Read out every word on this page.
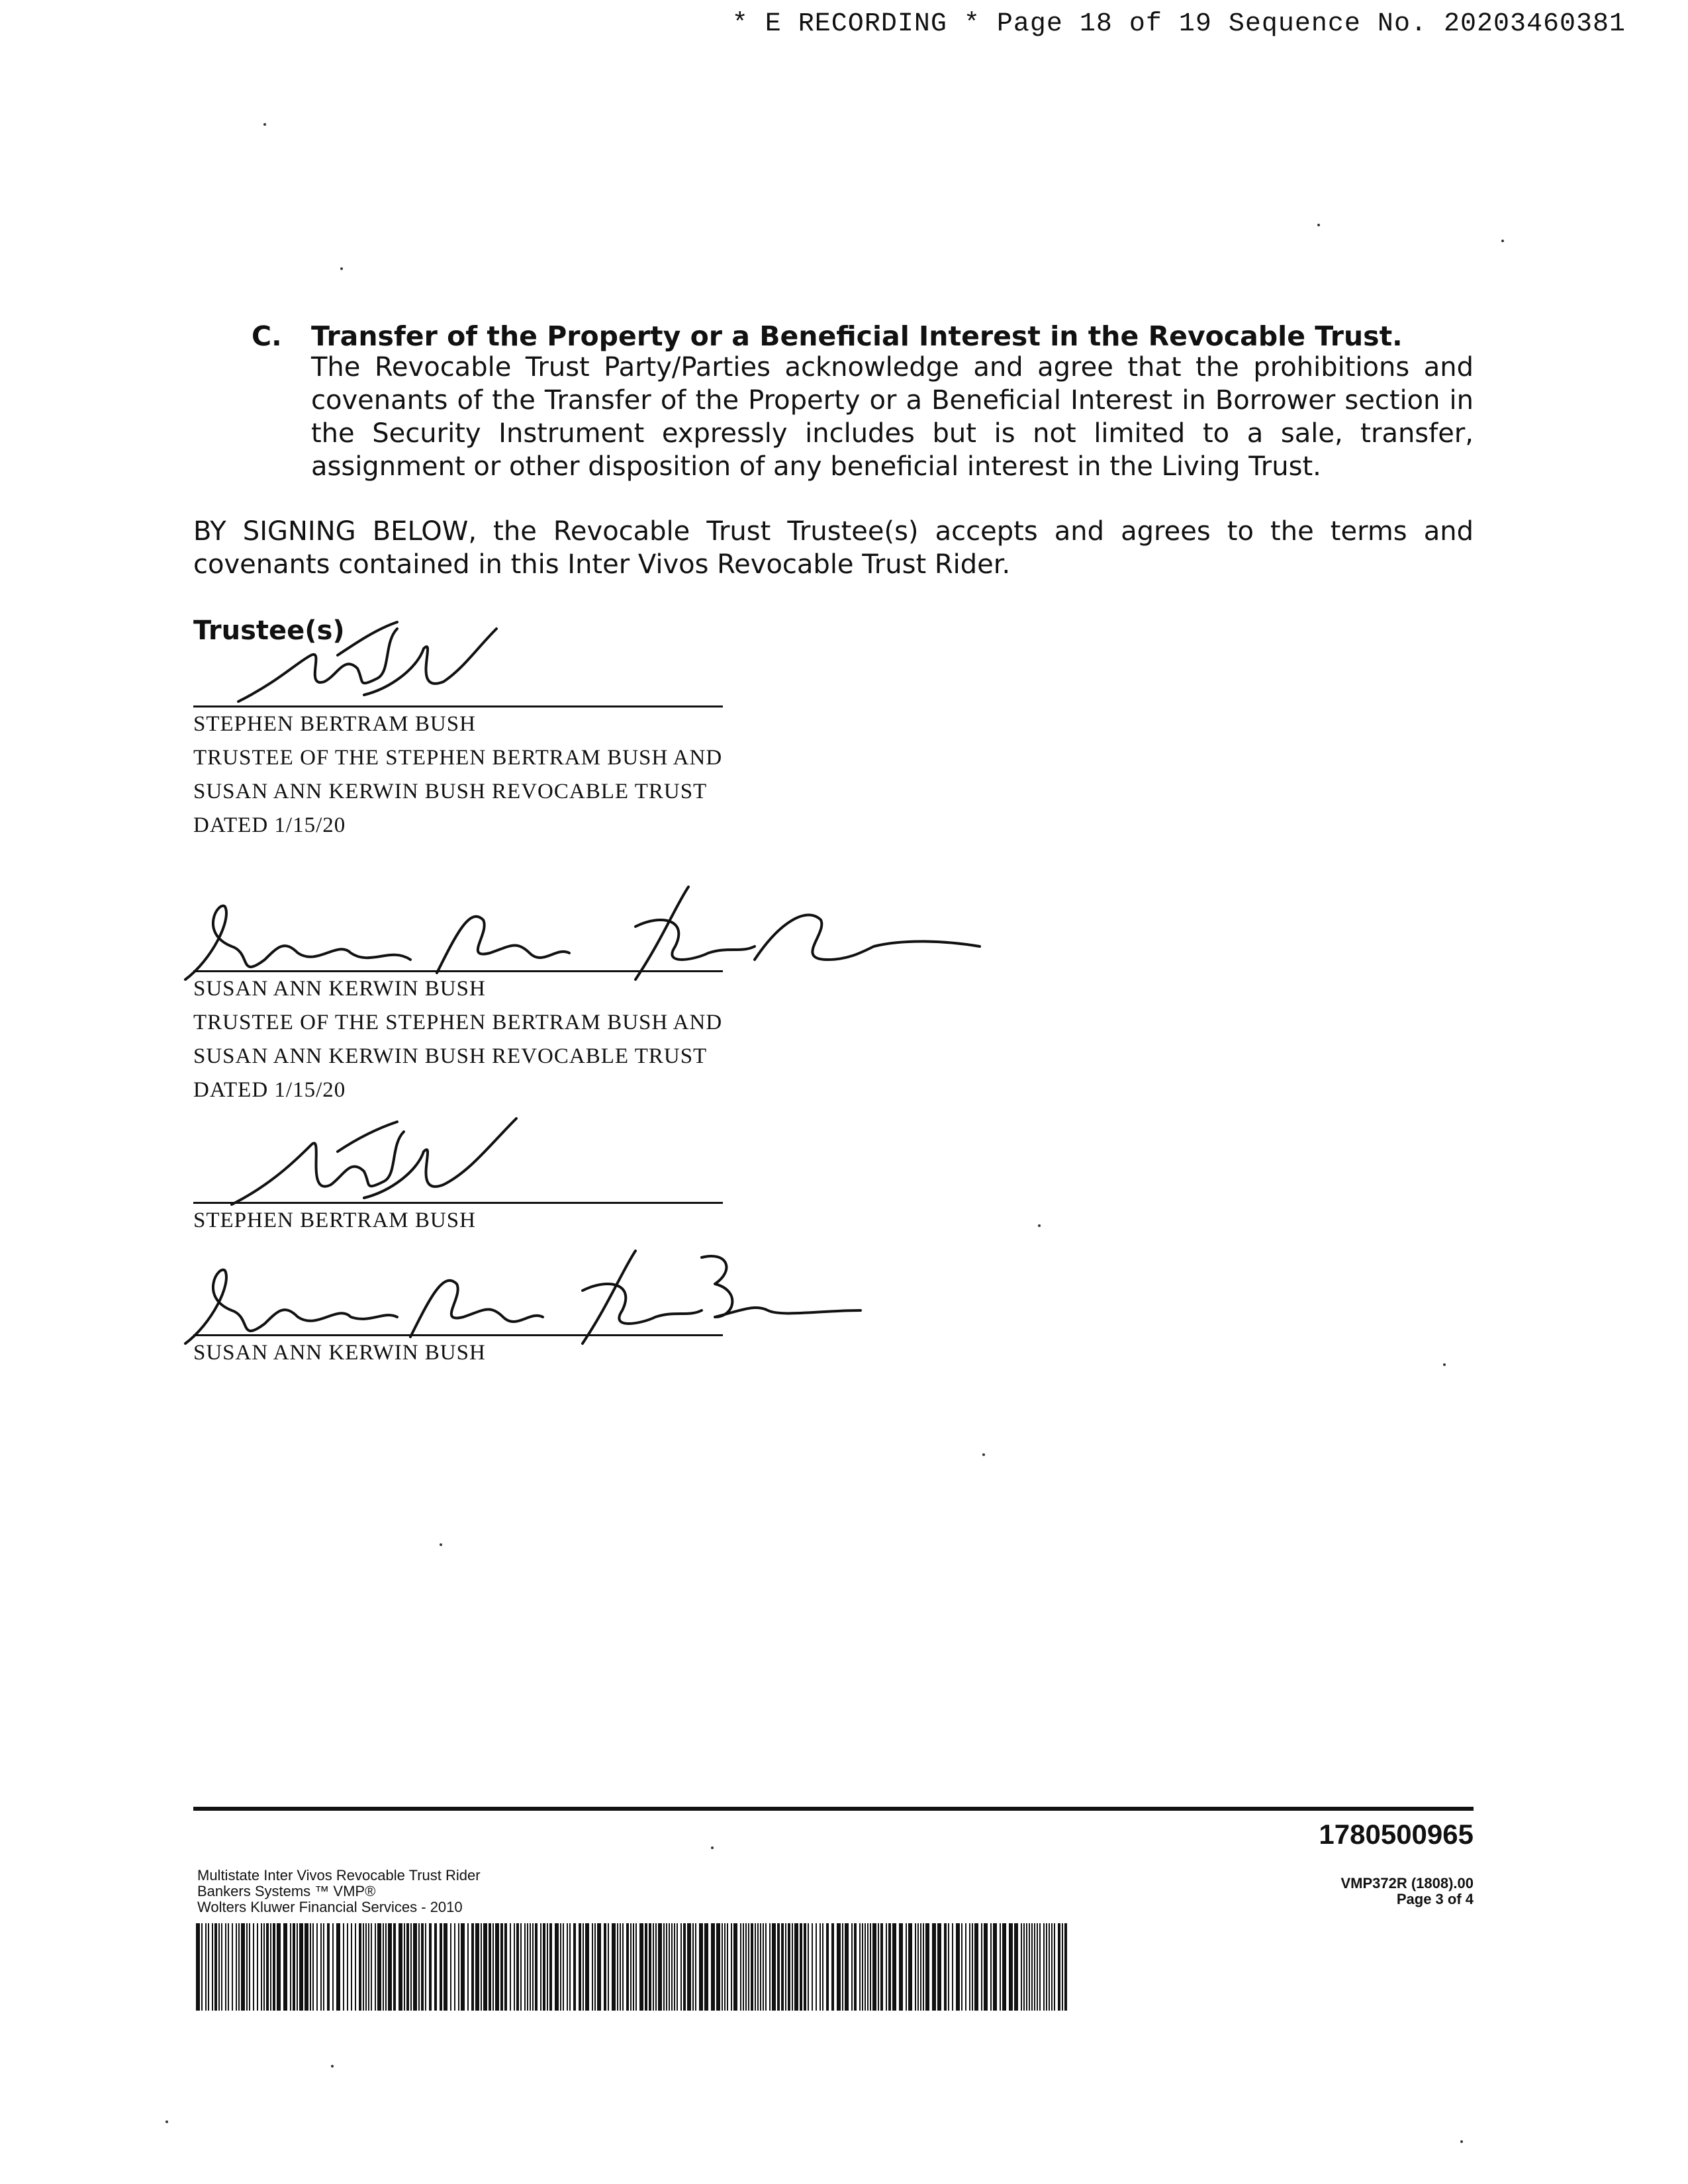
* E RECORDING * Page 18 of 19 Sequence No. 20203460381
C. Transfer of the Property or a Beneficial Interest in the Revocable Trust.
The Revocable Trust Party/Parties acknowledge and agree that the prohibitions and covenants of the Transfer of the Property or a Beneficial Interest in Borrower section in the Security Instrument expressly includes but is not limited to a sale, transfer, assignment or other disposition of any beneficial interest in the Living Trust.
BY SIGNING BELOW, the Revocable Trust Trustee(s) accepts and agrees to the terms and covenants contained in this Inter Vivos Revocable Trust Rider.
Trustee(s)
STEPHEN BERTRAM BUSH
TRUSTEE OF THE STEPHEN BERTRAM BUSH AND
SUSAN ANN KERWIN BUSH REVOCABLE TRUST
DATED 1/15/20
SUSAN ANN KERWIN BUSH
TRUSTEE OF THE STEPHEN BERTRAM BUSH AND
SUSAN ANN KERWIN BUSH REVOCABLE TRUST
DATED 1/15/20
STEPHEN BERTRAM BUSH
SUSAN ANN KERWIN BUSH
1780500965
Multistate Inter Vivos Revocable Trust Rider
Bankers Systems ™ VMP®
Wolters Kluwer Financial Services - 2010
VMP372R (1808).00
Page 3 of 4
